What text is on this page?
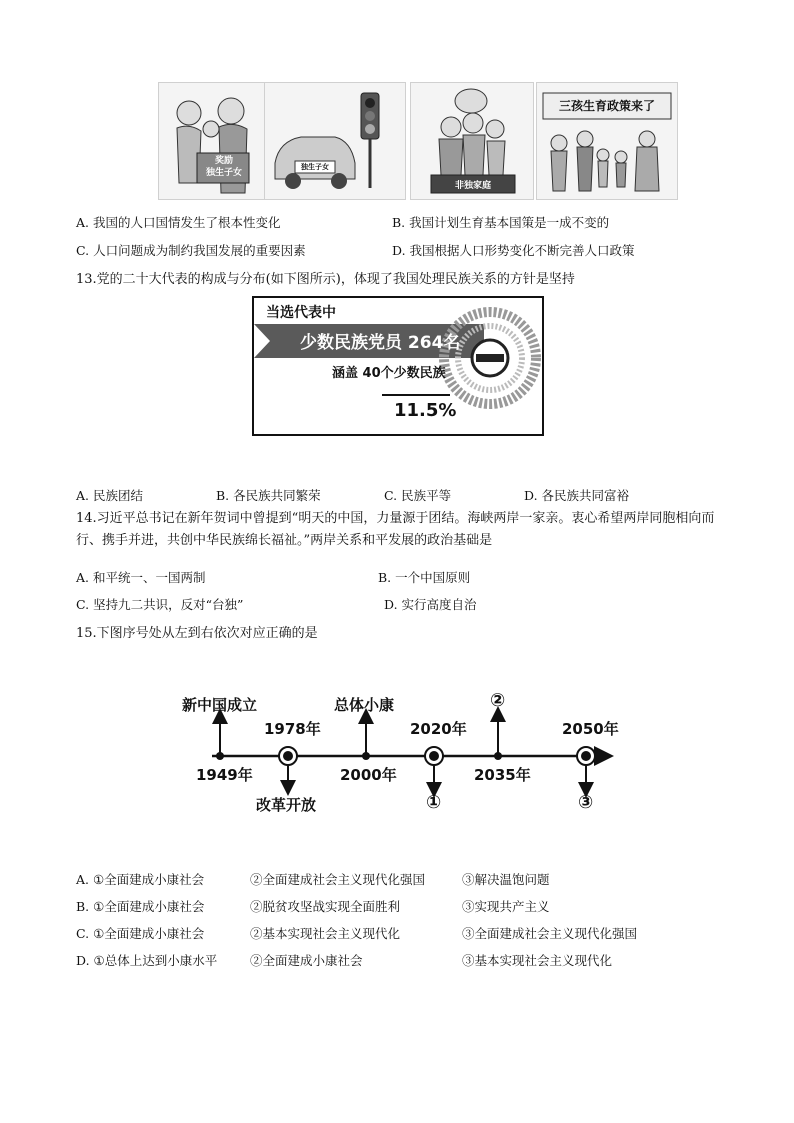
奖励
独生子女
独生子女
非独家庭
三孩生育政策来了
A. 我国的人口国情发生了根本性变化	B. 我国计划生育基本国策是一成不变的
C. 人口问题成为制约我国发展的重要因素	D. 我国根据人口形势变化不断完善人口政策
13.党的二十大代表的构成与分布(如下图所示)，体现了我国处理民族关系的方针是坚持
当选代表中
少数民族党员 264名
涵盖 40个少数民族
11.5%
A. 民族团结	B. 各民族共同繁荣	C. 民族平等	D. 各民族共同富裕
14.习近平总书记在新年贺词中曾提到“明天的中国，力量源于团结。海峡两岸一家亲。衷心希望两岸同胞相向而行、携手并进，共创中华民族绵长福祉。”两岸关系和平发展的政治基础是
A. 和平统一、一国两制	B. 一个中国原则
C. 坚持九二共识，反对“台独”	D. 实行高度自治
15.下图序号处从左到右依次对应正确的是
新中国成立
1978年
总体小康
2020年
②
2050年
1949年
改革开放
2000年
①
2035年
③
A. ①全面建成小康社会	②全面建成社会主义现代化强国	③解决温饱问题
B. ①全面建成小康社会	②脱贫攻坚战实现全面胜利	③实现共产主义
C. ①全面建成小康社会	②基本实现社会主义现代化	③全面建成社会主义现代化强国
D. ①总体上达到小康水平	②全面建成小康社会	③基本实现社会主义现代化
